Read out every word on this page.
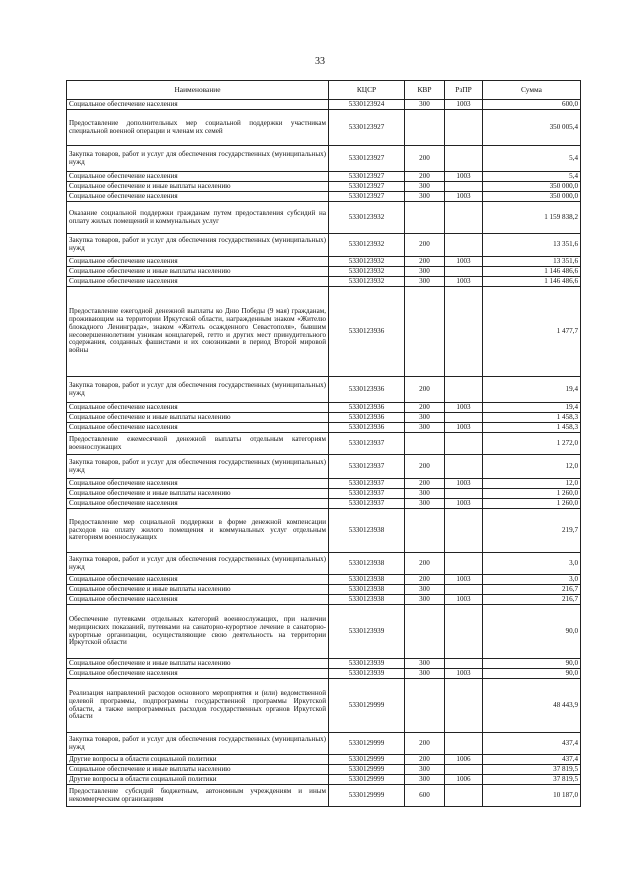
33
Наименование	КЦСР	КВР	РзПР	Сумма
Социальное обеспечение населения	5330123924	300	1003	600,0
Предоставление дополнительных мер социальной поддержки участникам специальной военной операции и членам их семей	5330123927			350 005,4
Закупка товаров, работ и услуг для обеспечения государственных (муниципальных) нужд	5330123927	200		5,4
Социальное обеспечение населения	5330123927	200	1003	5,4
Социальное обеспечение и иные выплаты населению	5330123927	300		350 000,0
Социальное обеспечение населения	5330123927	300	1003	350 000,0
Оказание социальной поддержки гражданам путем предоставления субсидий на оплату жилых помещений и коммунальных услуг	5330123932			1 159 838,2
Закупка товаров, работ и услуг для обеспечения государственных (муниципальных) нужд	5330123932	200		13 351,6
Социальное обеспечение населения	5330123932	200	1003	13 351,6
Социальное обеспечение и иные выплаты населению	5330123932	300		1 146 486,6
Социальное обеспечение населения	5330123932	300	1003	1 146 486,6
Предоставление ежегодной денежной выплаты ко Дню Победы (9 мая) гражданам, проживающим на территории Иркутской области, награжденным знаком «Жителю блокадного Ленинграда», знаком «Житель осажденного Севастополя», бывшим несовершеннолетним узникам концлагерей, гетто и других мест принудительного содержания, созданных фашистами и их союзниками в период Второй мировой войны	5330123936			1 477,7
Закупка товаров, работ и услуг для обеспечения государственных (муниципальных) нужд	5330123936	200		19,4
Социальное обеспечение населения	5330123936	200	1003	19,4
Социальное обеспечение и иные выплаты населению	5330123936	300		1 458,3
Социальное обеспечение населения	5330123936	300	1003	1 458,3
Предоставление ежемесячной денежной выплаты отдельным категориям военнослужащих	5330123937			1 272,0
Закупка товаров, работ и услуг для обеспечения государственных (муниципальных) нужд	5330123937	200		12,0
Социальное обеспечение населения	5330123937	200	1003	12,0
Социальное обеспечение и иные выплаты населению	5330123937	300		1 260,0
Социальное обеспечение населения	5330123937	300	1003	1 260,0
Предоставление мер социальной поддержки в форме денежной компенсации расходов на оплату жилого помещения и коммунальных услуг отдельным категориям военнослужащих	5330123938			219,7
Закупка товаров, работ и услуг для обеспечения государственных (муниципальных) нужд	5330123938	200		3,0
Социальное обеспечение населения	5330123938	200	1003	3,0
Социальное обеспечение и иные выплаты населению	5330123938	300		216,7
Социальное обеспечение населения	5330123938	300	1003	216,7
Обеспечение путевками отдельных категорий военнослужащих, при наличии медицинских показаний, путевками на санаторно-курортное лечение в санаторно-курортные организации, осуществляющие свою деятельность на территории Иркутской области	5330123939			90,0
Социальное обеспечение и иные выплаты населению	5330123939	300		90,0
Социальное обеспечение населения	5330123939	300	1003	90,0
Реализация направлений расходов основного мероприятия и (или) ведомственной целевой программы, подпрограммы государственной программы Иркутской области, а также непрограммных расходов государственных органов Иркутской области	5330129999			48 443,9
Закупка товаров, работ и услуг для обеспечения государственных (муниципальных) нужд	5330129999	200		437,4
Другие вопросы в области социальной политики	5330129999	200	1006	437,4
Социальное обеспечение и иные выплаты населению	5330129999	300		37 819,5
Другие вопросы в области социальной политики	5330129999	300	1006	37 819,5
Предоставление субсидий бюджетным, автономным учреждениям и иным некоммерческим организациям	5330129999	600		10 187,0
